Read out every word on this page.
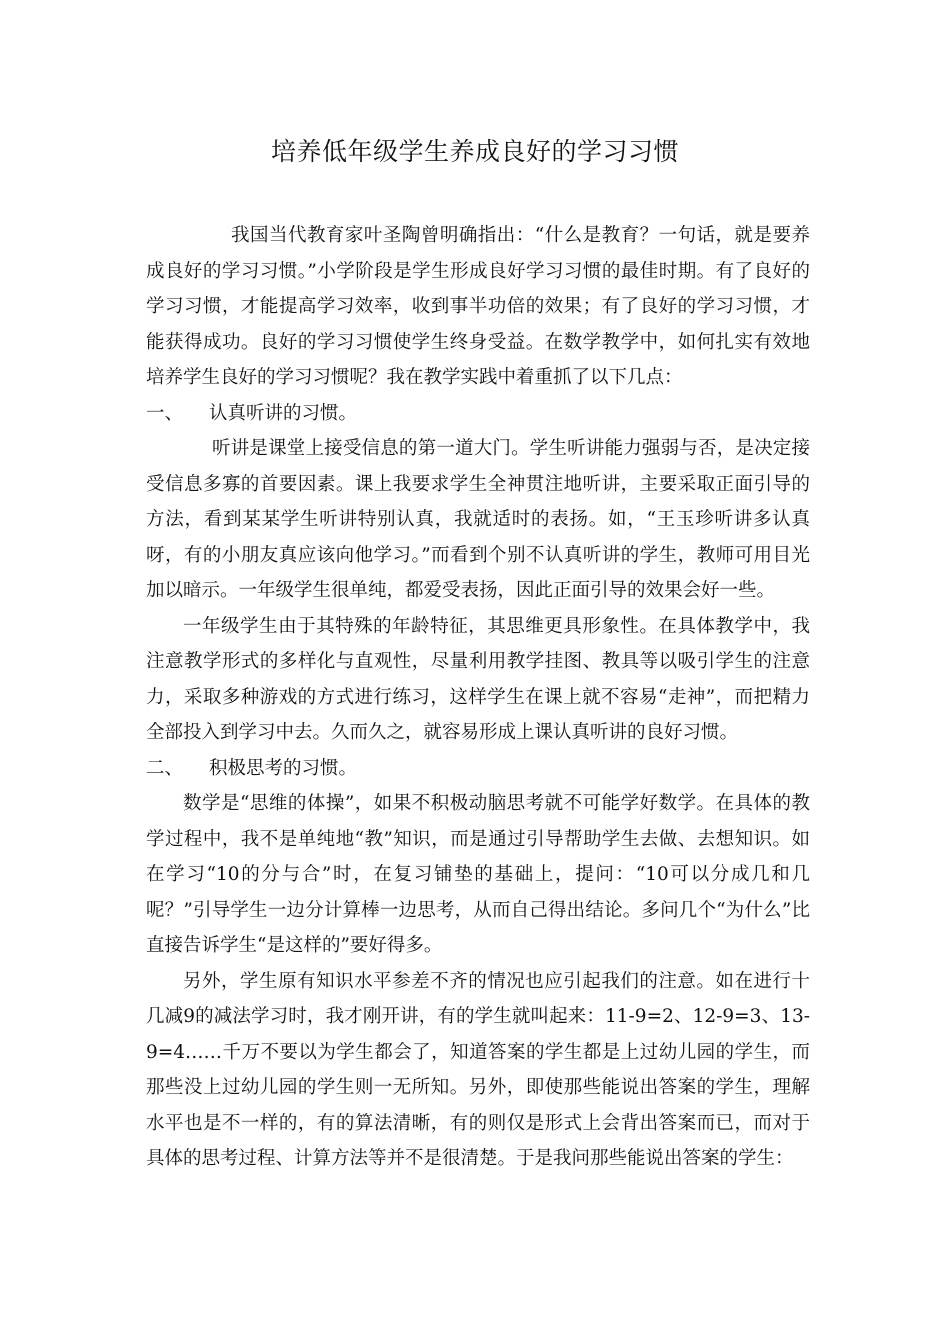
培养低年级学生养成良好的学习习惯

我国当代教育家叶圣陶曾明确指出：“什么是教育？一句话，就是要养成良好的学习习惯。”小学阶段是学生形成良好学习习惯的最佳时期。有了良好的学习习惯，才能提高学习效率，收到事半功倍的效果；有了良好的学习习惯，才能获得成功。良好的学习习惯使学生终身受益。在数学教学中，如何扎实有效地培养学生良好的学习习惯呢？我在教学实践中着重抓了以下几点：

一、 认真听讲的习惯。

听讲是课堂上接受信息的第一道大门。学生听讲能力强弱与否，是决定接受信息多寡的首要因素。课上我要求学生全神贯注地听讲，主要采取正面引导的方法，看到某某学生听讲特别认真，我就适时的表扬。如，“王玉珍听讲多认真呀，有的小朋友真应该向他学习。”而看到个别不认真听讲的学生，教师可用目光加以暗示。一年级学生很单纯，都爱受表扬，因此正面引导的效果会好一些。

一年级学生由于其特殊的年龄特征，其思维更具形象性。在具体教学中，我注意教学形式的多样化与直观性，尽量利用教学挂图、教具等以吸引学生的注意力，采取多种游戏的方式进行练习，这样学生在课上就不容易“走神”，而把精力全部投入到学习中去。久而久之，就容易形成上课认真听讲的良好习惯。

二、 积极思考的习惯。

数学是“思维的体操”，如果不积极动脑思考就不可能学好数学。在具体的教学过程中，我不是单纯地“教”知识，而是通过引导帮助学生去做、去想知识。如在学习“10的分与合”时，在复习铺垫的基础上，提问：“10可以分成几和几呢？”引导学生一边分计算棒一边思考，从而自己得出结论。多问几个“为什么”比直接告诉学生“是这样的”要好得多。

另外，学生原有知识水平参差不齐的情况也应引起我们的注意。如在进行十几减9的减法学习时，我才刚开讲，有的学生就叫起来：11-9=2、12-9=3、13-9=4……千万不要以为学生都会了，知道答案的学生都是上过幼儿园的学生，而那些没上过幼儿园的学生则一无所知。另外，即使那些能说出答案的学生，理解水平也是不一样的，有的算法清晰，有的则仅是形式上会背出答案而已，而对于具体的思考过程、计算方法等并不是很清楚。于是我问那些能说出答案的学生：
